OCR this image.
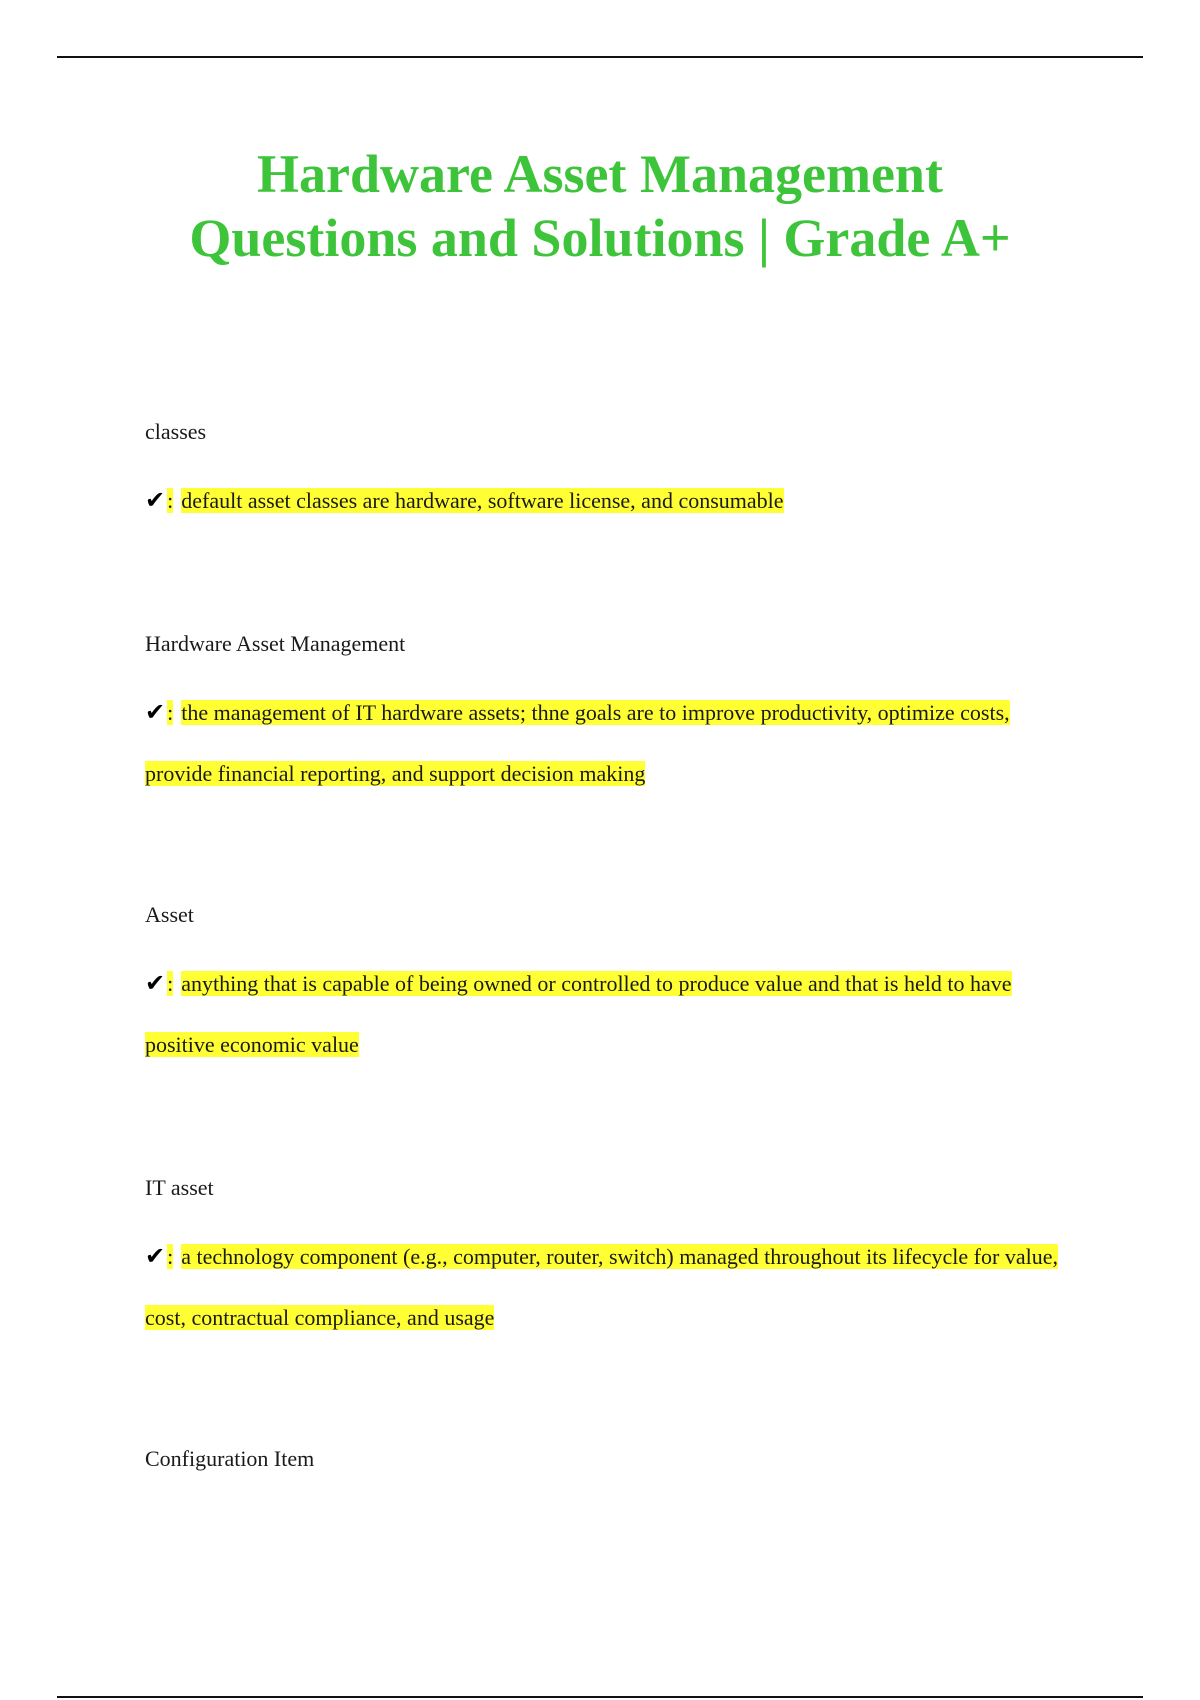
Hardware Asset Management
Questions and Solutions | Grade A+

classes

✔: default asset classes are hardware, software license, and consumable

Hardware Asset Management

✔: the management of IT hardware assets; thne goals are to improve productivity, optimize costs, provide financial reporting, and support decision making

Asset

✔: anything that is capable of being owned or controlled to produce value and that is held to have positive economic value

IT asset

✔: a technology component (e.g., computer, router, switch) managed throughout its lifecycle for value, cost, contractual compliance, and usage

Configuration Item
